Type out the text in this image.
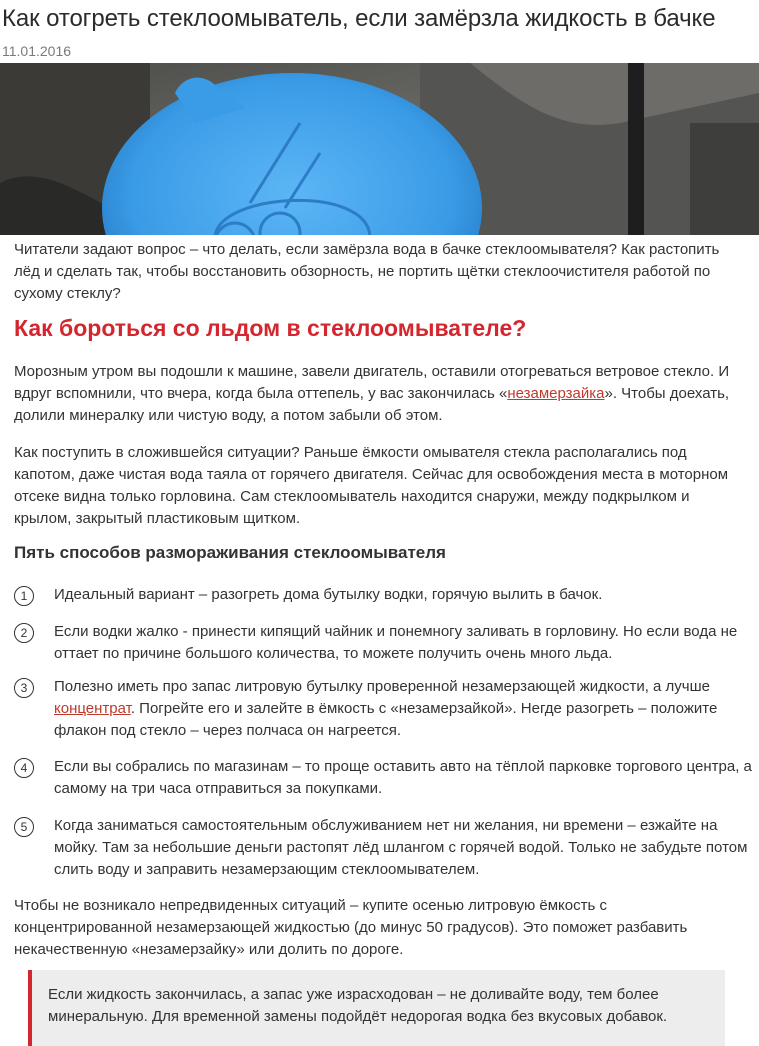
Как отогреть стеклоомыватель, если замёрзла жидкость в бачке
11.01.2016
Читатели задают вопрос – что делать, если замёрзла вода в бачке стеклоомывателя? Как растопить лёд и сделать так, чтобы восстановить обзорность, не портить щётки стеклоочистителя работой по сухому стеклу?
Как бороться со льдом в стеклоомывателе?
Морозным утром вы подошли к машине, завели двигатель, оставили отогреваться ветровое стекло. И вдруг вспомнили, что вчера, когда была оттепель, у вас закончилась «незамерзайка». Чтобы доехать, долили минералку или чистую воду, а потом забыли об этом.
Как поступить в сложившейся ситуации? Раньше ёмкости омывателя стекла располагались под капотом, даже чистая вода таяла от горячего двигателя. Сейчас для освобождения места в моторном отсеке видна только горловина. Сам стеклоомыватель находится снаружи, между подкрылком и крылом, закрытый пластиковым щитком.
Пять способов размораживания стеклоомывателя
1	Идеальный вариант – разогреть дома бутылку водки, горячую вылить в бачок.
2	Если водки жалко - принести кипящий чайник и понемногу заливать в горловину. Но если вода не оттает по причине большого количества, то можете получить очень много льда.
3	Полезно иметь про запас литровую бутылку проверенной незамерзающей жидкости, а лучше концентрат. Погрейте его и залейте в ёмкость с «незамерзайкой». Негде разогреть – положите флакон под стекло – через полчаса он нагреется.
4	Если вы собрались по магазинам – то проще оставить авто на тёплой парковке торгового центра, а самому на три часа отправиться за покупками.
5	Когда заниматься самостоятельным обслуживанием нет ни желания, ни времени – езжайте на мойку. Там за небольшие деньги растопят лёд шлангом с горячей водой. Только не забудьте потом слить воду и заправить незамерзающим стеклоомывателем.
Чтобы не возникало непредвиденных ситуаций – купите осенью литровую ёмкость с концентрированной незамерзающей жидкостью (до минус 50 градусов). Это поможет разбавить некачественную «незамерзайку» или долить по дороге.
Если жидкость закончилась, а запас уже израсходован – не доливайте воду, тем более минеральную. Для временной замены подойдёт недорогая водка без вкусовых добавок.
